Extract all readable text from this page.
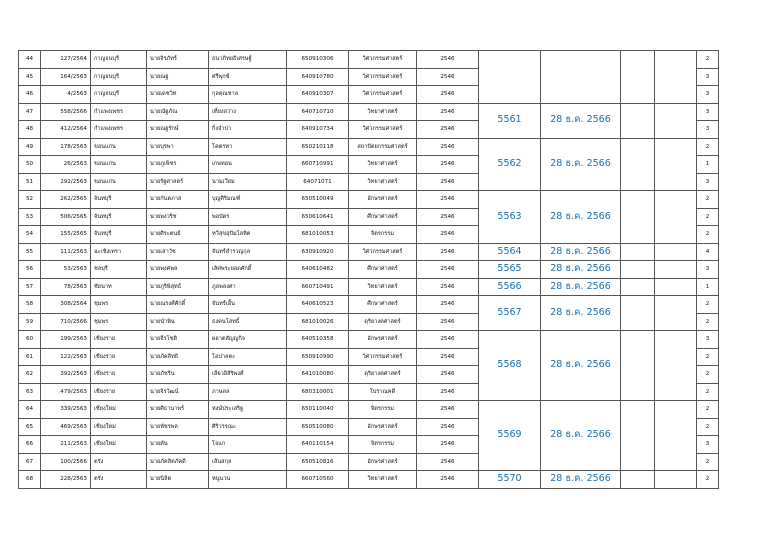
44	127/2564	กาญจนบุรี	นายจิรภัทร์	ธนาภิทยธิเศรษฐ์	650910306	วิศวกรรมศาสตร์	2546					2
45	164/2563	กาญจนบุรี	นายณฐ	ศรีพุกซ์	640910780	วิศวกรรมศาสตร์	2546					3
46	4/2563	กาญจนบุรี	นายเดชวิท	กุลคุณชาล	640910307	วิศวกรรมศาสตร์	2546					3
47	558/2566	กำแพงเพชร	นายณัฐภัณ	เที่ยงสว่าง	640710710	วิทยาศาสตร์	2546	5561	28 ธ.ค. 2566			3
48	412/2564	กำแพงเพชร	นายณฐรักษ์	กิ่งจำปา	640910734	วิศวกรรมศาสตร์	2546					3
49	178/2563	ขอนแก่น	นายบุรพา	โคตรทา	650210118	สถาปัตยกรรมศาสตร์	2546	5562	28 ธ.ค. 2566			2
50	26/2563	ขอนแก่น	นายภูเพ็ชร	เกษทอน	660710991	วิทยาศาสตร์	2546					1
51	292/2563	ขอนแก่น	นายรัฐศาสตร์	นามเวียม	64071071	วิทยาศาสตร์	2546					3
52	262/2565	จันทบุรี	นายกันตภาส	บุญศิริมณฑ์	650510049	อักษรศาสตร์	2546	5563	28 ธ.ค. 2566			2
53	506/2565	จันทบุรี	นายพงวริช	พลบัตร	650610641	ศึกษาศาสตร์	2546					2
54	155/2565	จันทบุรี	นายศิระตนย์	ทวีสุขอุปัมโลหิต	681010053	จิตรกรรม	2546					2
55	111/2563	ฉะเชิงเทรา	นายเสาวัช	จันทร์สำรวญกุล	630910920	วิศวกรรมศาสตร์	2546	5564	28 ธ.ค. 2566			4
56	53/2563	ชลบุรี	นายพงศพล	เลิศพระยอดศักดิ์	640610482	ศึกษาศาสตร์	2546	5565	28 ธ.ค. 2566			3
57	78/2563	ชัยนาท	นายภูริพิสุทธ์	ภูลพลงศา	660710491	วิทยาศาสตร์	2546	5566	28 ธ.ค. 2566			1
58	308/2564	ชุมพร	นายณรงศ์ศักดิ์	จันทร์เอิ้น	640610523	ศึกษาศาสตร์	2546	5567	28 ธ.ค. 2566			2
59	710/2566	ชุมพร	นายนำพิน	ธงคนโสทธิ์	681010026	ดุริยางคศาสตร์	2546					2
60	199/2563	เชียงราย	นายจีรโชติ	ผลาตสัญญกิจ	640510358	อักษรศาสตร์	2546	5568	28 ธ.ค. 2566			3
61	122/2563	เชียงราย	นายภัคสิทธิ	โอปาลตะ	650910990	วิศวกรรมศาสตร์	2546					2
62	392/2563	เชียงราย	นายภัชริน	เลียวอิสิริพงศ์	641010080	ดุริยางคศาสตร์	2546					2
63	479/2563	เชียงราย	นายจิรวัฒน์	ภาษลล	680310001	โบราณคดี	2546					2
64	339/2563	เชียงใหม่	นายศิธานาพร์	หงษ์ประเสริฐ	650110040	จิตรกรรม	2546	5569	28 ธ.ค. 2566			2
65	469/2563	เชียงใหม่	นายพัชรพล	ศิริวรรณะ	650510080	อักษรศาสตร์	2546					2
66	211/2563	เชียงใหม่	นายตัน	โจแก	640110154	จิตรกรรม	2546					3
67	100/2566	ตรัง	นายภัคสิตภัคดี	เส้นสกุล	650510816	อักษรศาสตร์	2546					2
68	228/2563	ตรัง	นายนิลิต	หนูนวน	660710560	วิทยาศาสตร์	2546	5570	28 ธ.ค. 2566			2
